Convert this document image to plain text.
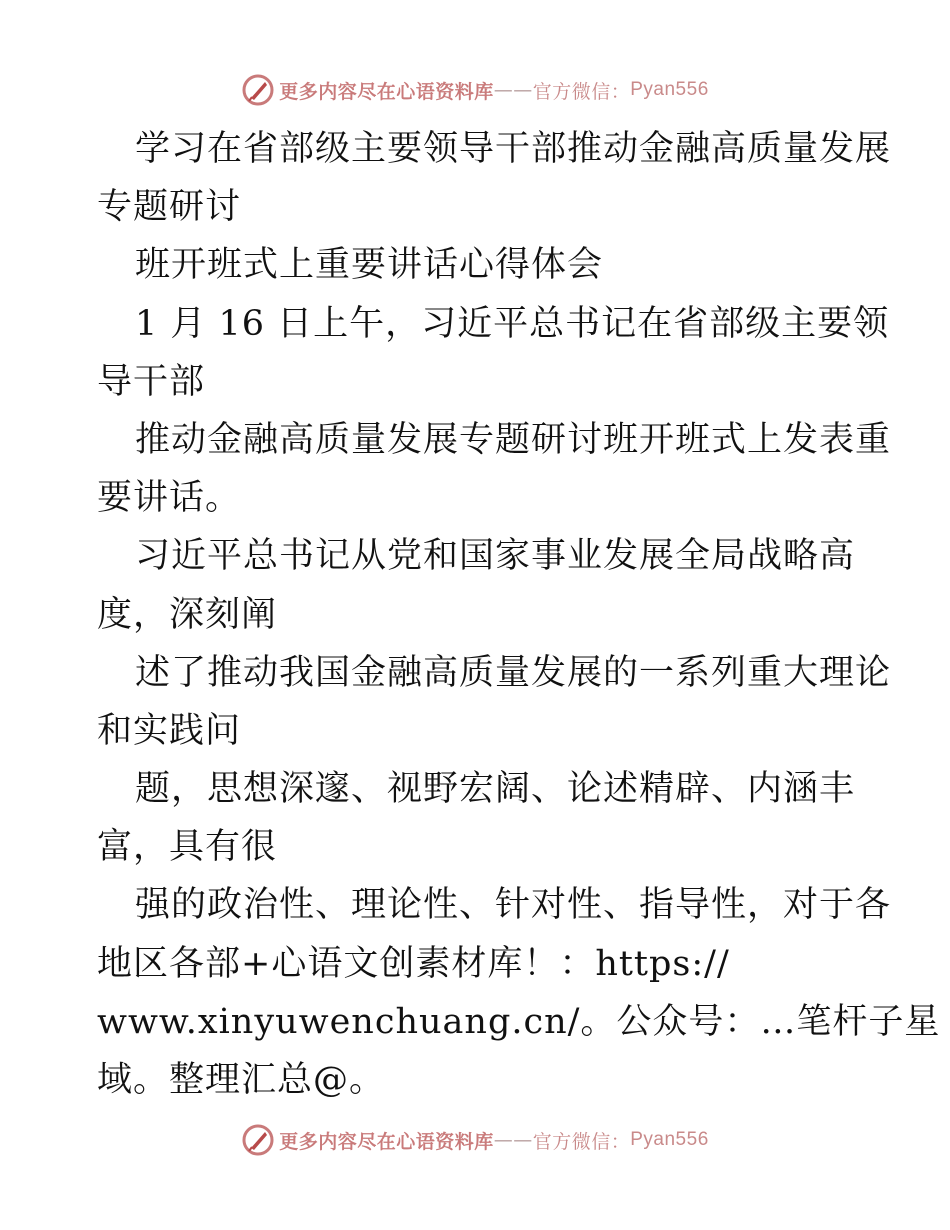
更多内容尽在心语资料库 —— 官方微信： Pyan556
学习在省部级主要领导干部推动金融高质量发展
专题研讨
班开班式上重要讲话心得体会
1 月 16 日上午，习近平总书记在省部级主要领
导干部
推动金融高质量发展专题研讨班开班式上发表重
要讲话。
习近平总书记从党和国家事业发展全局战略高
度，深刻阐
述了推动我国金融高质量发展的一系列重大理论
和实践问
题，思想深邃、视野宏阔、论述精辟、内涵丰
富，具有很
强的政治性、理论性、针对性、指导性，对于各
地区各部+心语文创素材库！：https://
www.xinyuwenchuang.cn/。公众号：…笔杆子星
域。整理汇总@。
更多内容尽在心语资料库 —— 官方微信： Pyan556
